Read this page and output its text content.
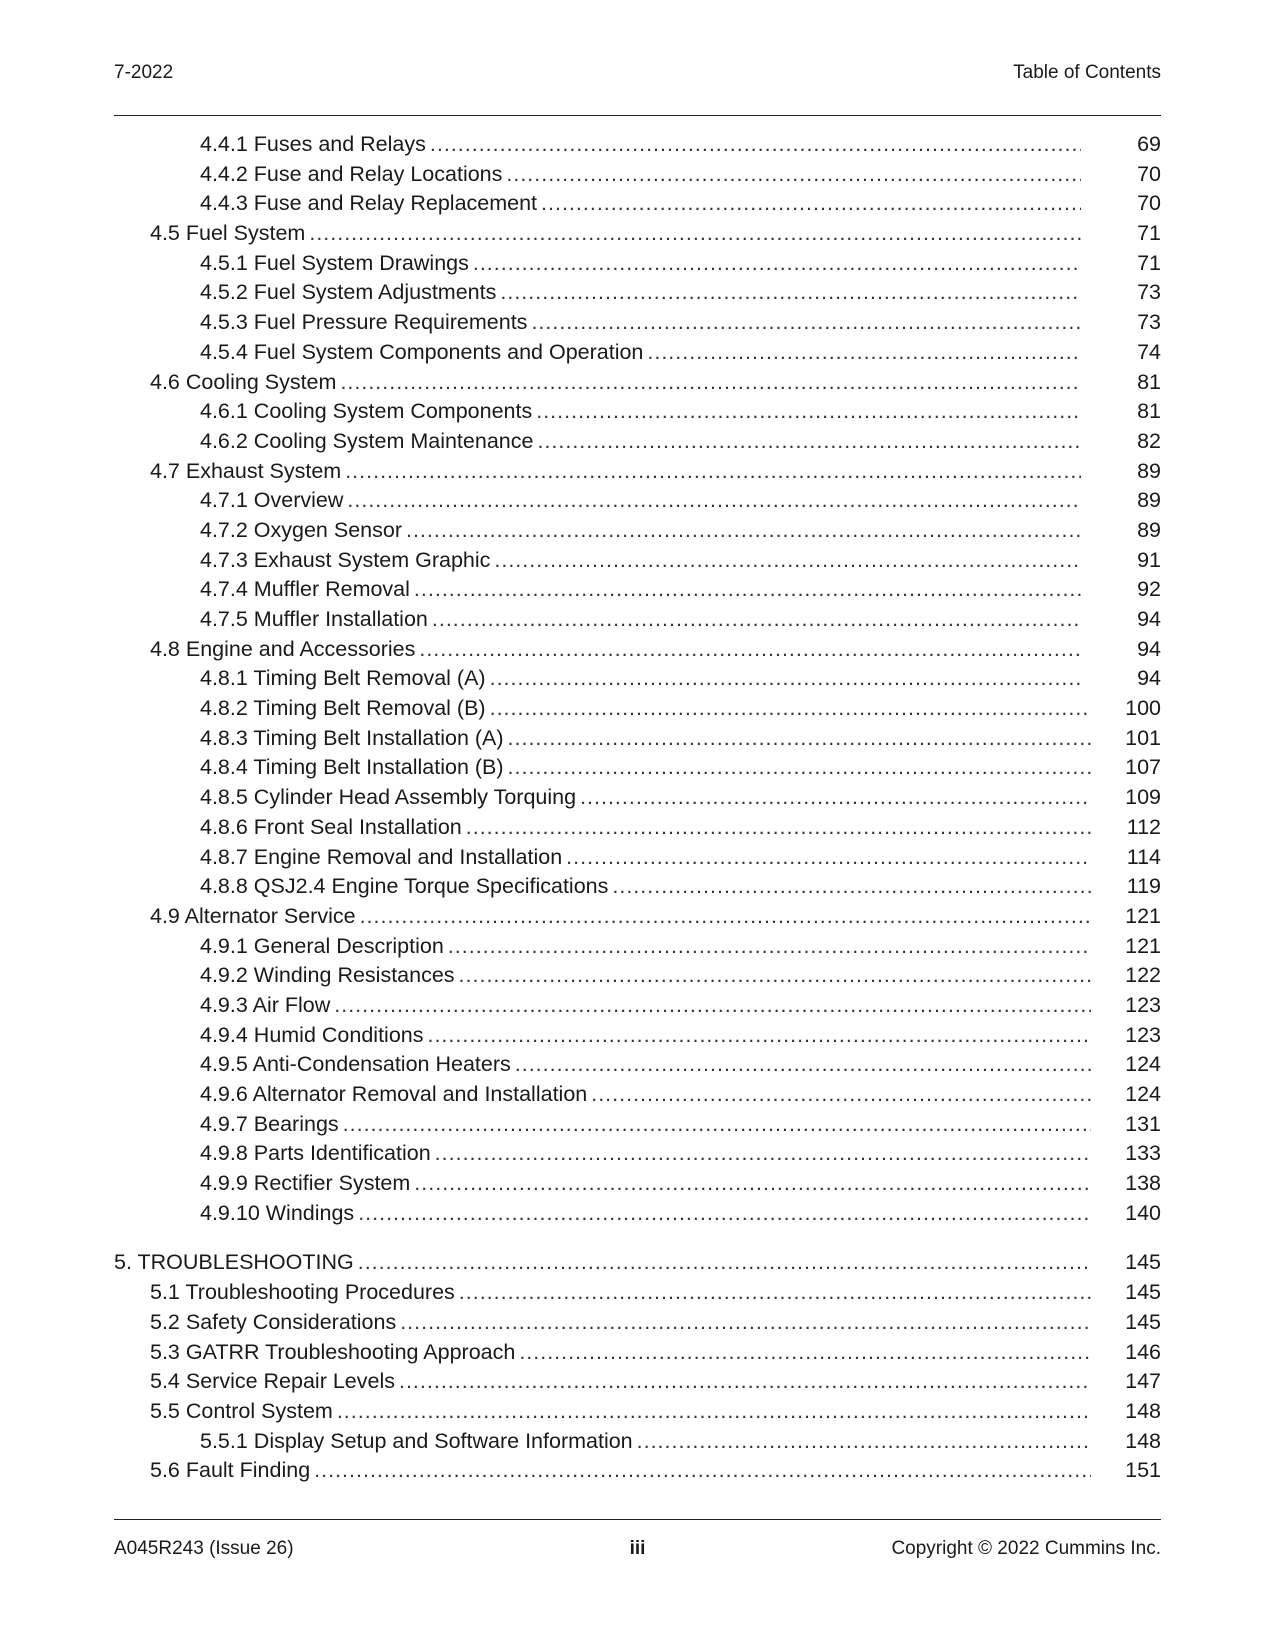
7-2022	Table of Contents
4.4.1 Fuses and Relays .....	69
4.4.2 Fuse and Relay Locations .....	70
4.4.3 Fuse and Relay Replacement .....	70
4.5 Fuel System .....	71
4.5.1 Fuel System Drawings .....	71
4.5.2 Fuel System Adjustments .....	73
4.5.3 Fuel Pressure Requirements .....	73
4.5.4 Fuel System Components and Operation .....	74
4.6 Cooling System .....	81
4.6.1 Cooling System Components .....	81
4.6.2 Cooling System Maintenance .....	82
4.7 Exhaust System .....	89
4.7.1 Overview .....	89
4.7.2 Oxygen Sensor .....	89
4.7.3 Exhaust System Graphic .....	91
4.7.4 Muffler Removal .....	92
4.7.5 Muffler Installation .....	94
4.8 Engine and Accessories .....	94
4.8.1 Timing Belt Removal (A) .....	94
4.8.2 Timing Belt Removal (B) .....	100
4.8.3 Timing Belt Installation (A) .....	101
4.8.4 Timing Belt Installation (B) .....	107
4.8.5 Cylinder Head Assembly Torquing .....	109
4.8.6 Front Seal Installation .....	112
4.8.7 Engine Removal and Installation .....	114
4.8.8 QSJ2.4 Engine Torque Specifications .....	119
4.9 Alternator Service .....	121
4.9.1 General Description .....	121
4.9.2 Winding Resistances .....	122
4.9.3 Air Flow .....	123
4.9.4 Humid Conditions .....	123
4.9.5 Anti-Condensation Heaters .....	124
4.9.6 Alternator Removal and Installation .....	124
4.9.7 Bearings .....	131
4.9.8 Parts Identification .....	133
4.9.9 Rectifier System .....	138
4.9.10 Windings .....	140
5. TROUBLESHOOTING .....	145
5.1 Troubleshooting Procedures .....	145
5.2 Safety Considerations .....	145
5.3 GATRR Troubleshooting Approach .....	146
5.4 Service Repair Levels .....	147
5.5 Control System .....	148
5.5.1 Display Setup and Software Information .....	148
5.6 Fault Finding .....	151
A045R243 (Issue 26)	iii	Copyright © 2022 Cummins Inc.
